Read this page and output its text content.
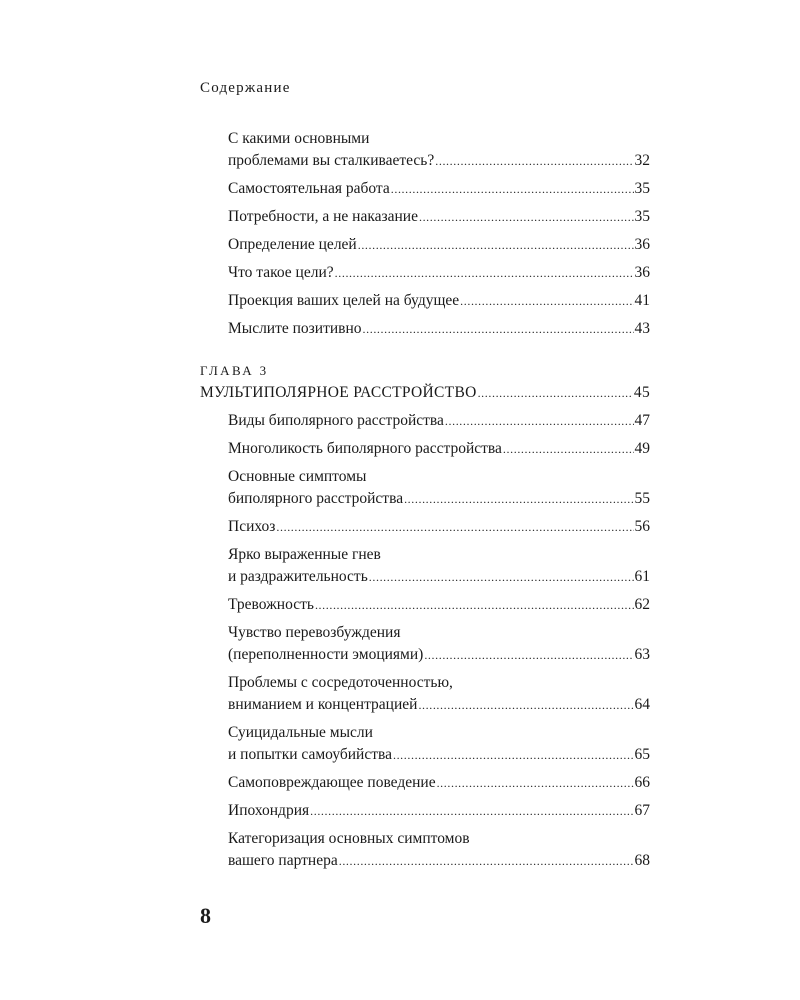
Содержание
С какими основными
проблемами вы сталкиваетесь? .....	32
Самостоятельная работа .....	35
Потребности, а не наказание .....	35
Определение целей .....	36
Что такое цели? .....	36
Проекция ваших целей на будущее .....	41
Мыслите позитивно .....	43
ГЛАВА 3
МУЛЬТИПОЛЯРНОЕ РАССТРОЙСТВО .....	45
Виды биполярного расстройства .....	47
Многоликость биполярного расстройства .....	49
Основные симптомы
биполярного расстройства .....	55
Психоз .....	56
Ярко выраженные гнев
и раздражительность .....	61
Тревожность .....	62
Чувство перевозбуждения
(переполненности эмоциями) .....	63
Проблемы с сосредоточенностью,
вниманием и концентрацией .....	64
Суицидальные мысли
и попытки самоубийства .....	65
Самоповреждающее поведение .....	66
Ипохондрия .....	67
Категоризация основных симптомов
вашего партнера .....	68
8
